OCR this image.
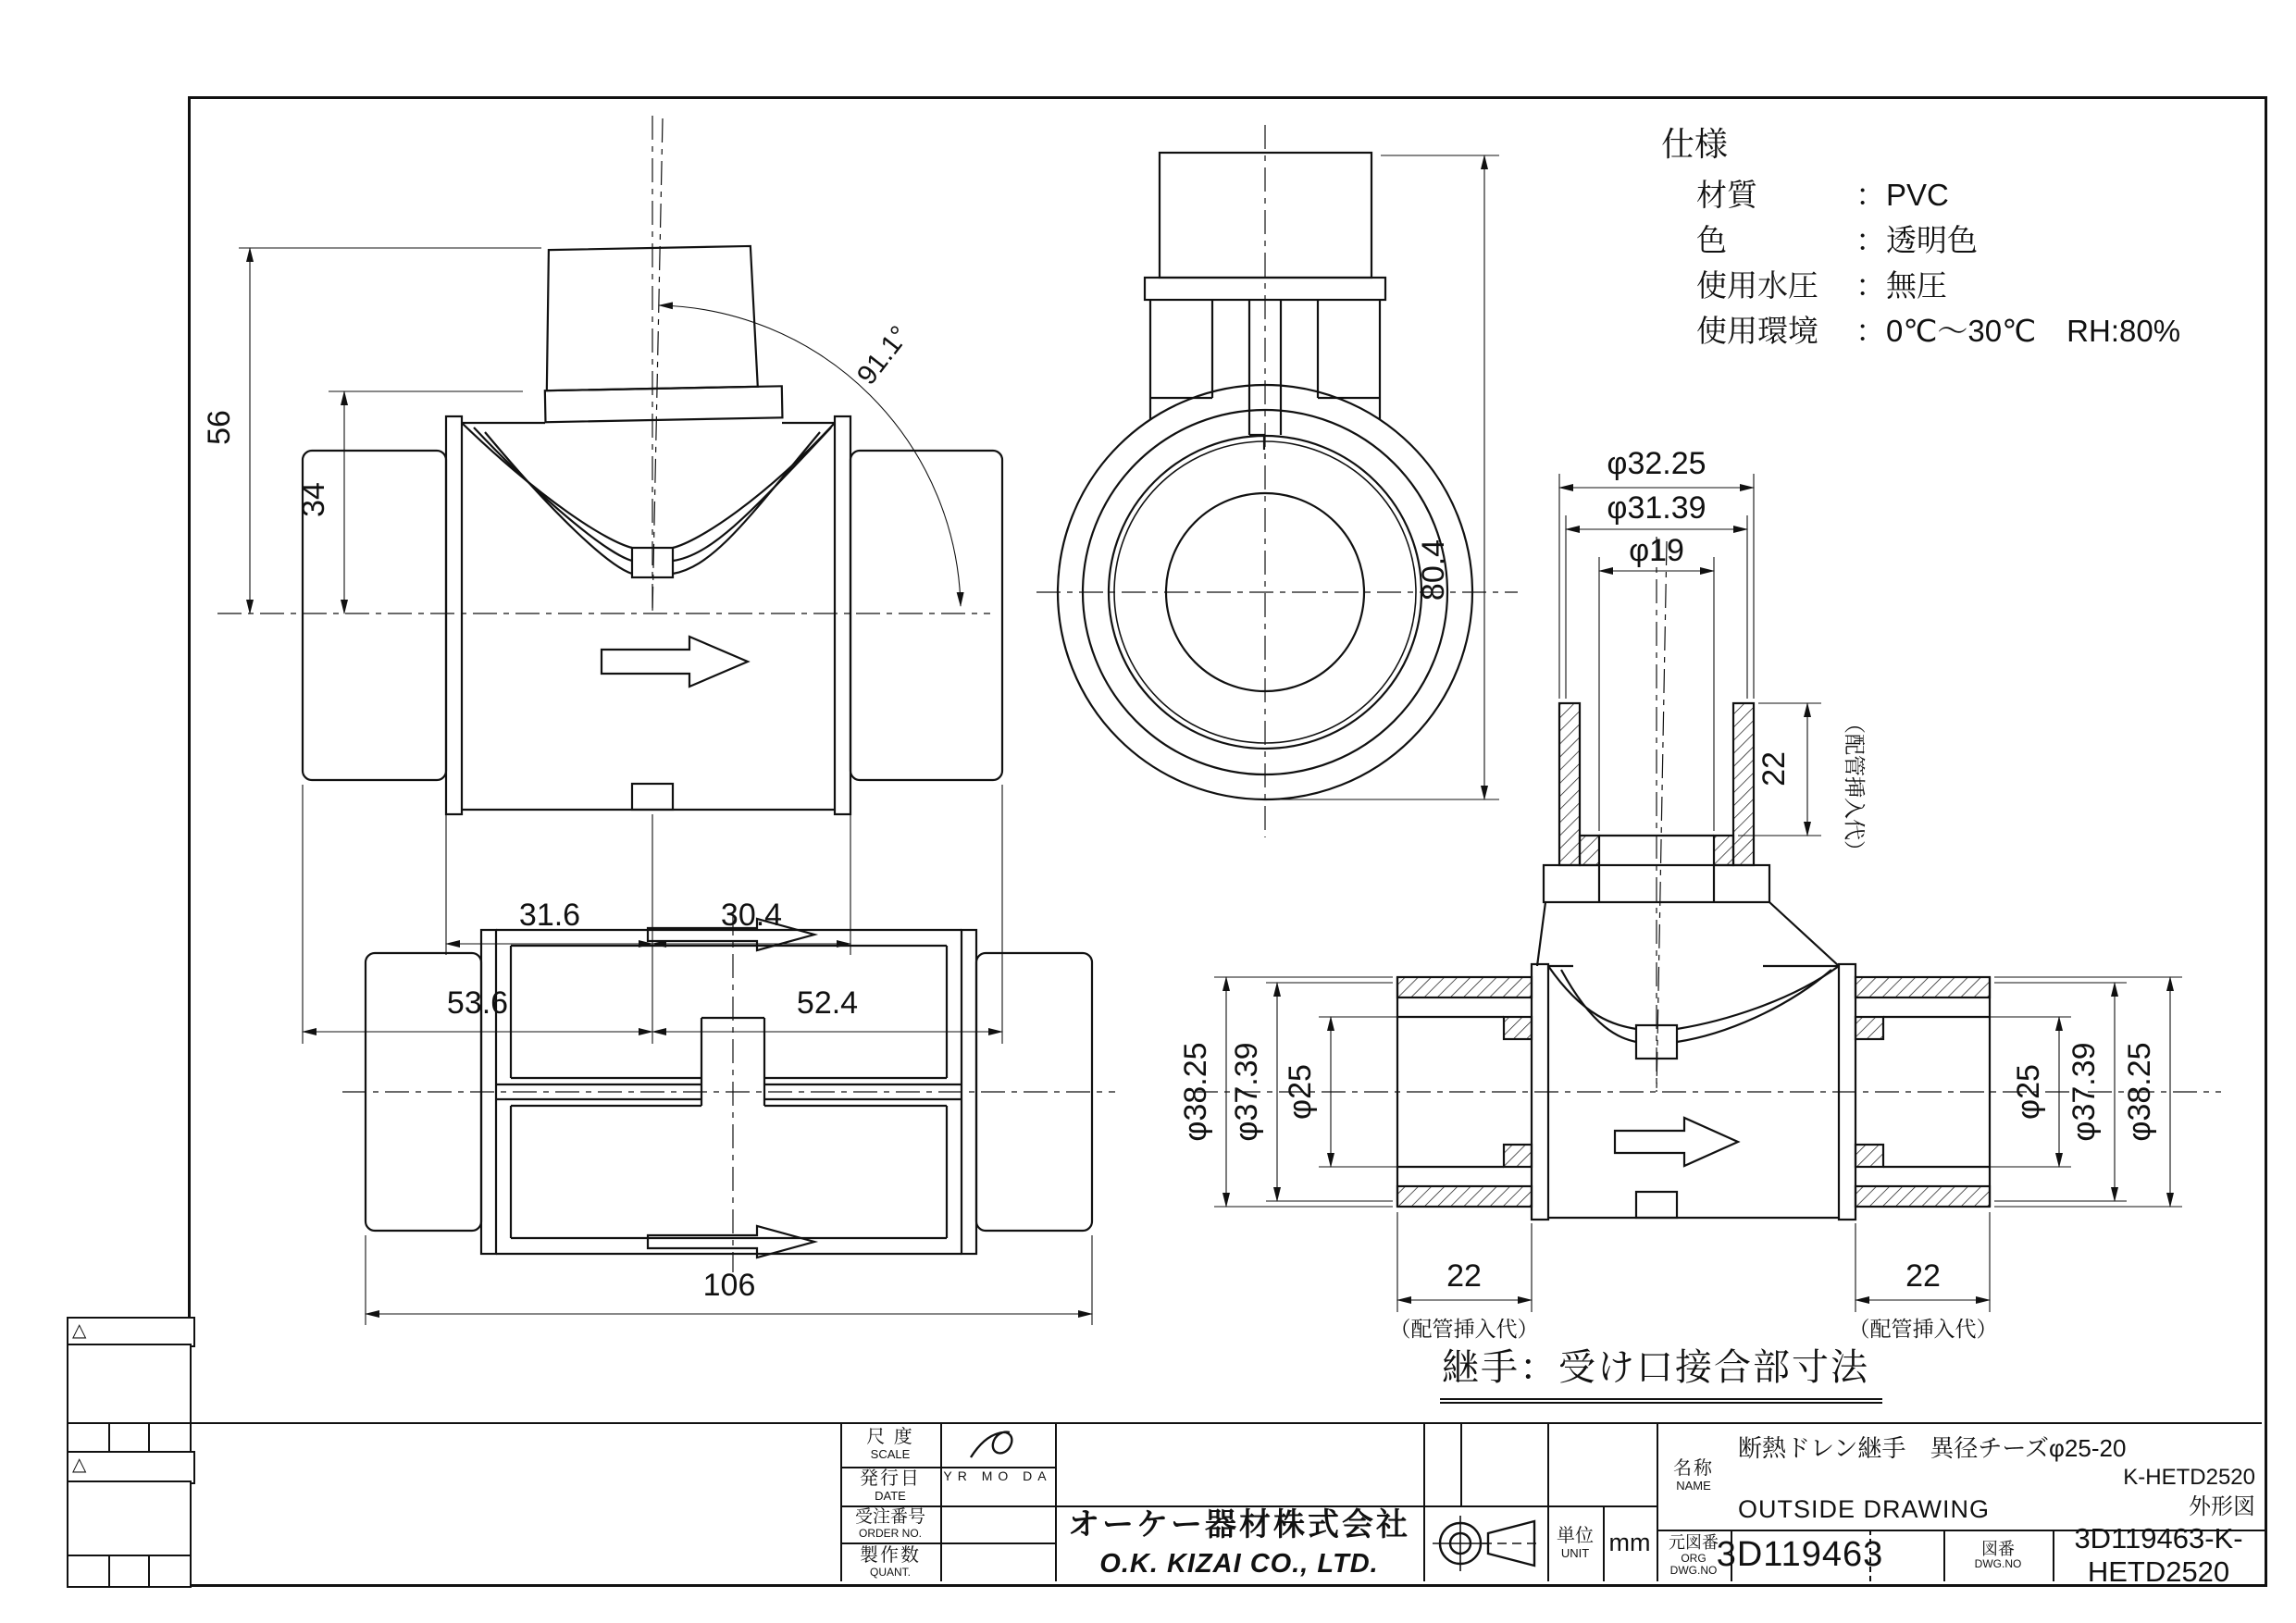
56
34
31.6	30.4
53.6	52.4
91.1°
80.4
106
φ32.25
φ31.39
φ19
22 （配管挿入代）
φ38.25 φ37.39 φ25	φ25 φ37.39 φ38.25
22
（配管挿入代）
22
（配管挿入代）
仕様
材質	：PVC
色	：透明色
使用水圧	：無圧
使用環境	：0℃～30℃　RH:80%
継手：受け口接合部寸法
△
△
尺 度
SCALE
発行日
DATE
YR MO DA
受注番号
ORDER NO.
製作数
QUANT.
オーケー器材株式会社
O.K. KIZAI CO., LTD.
単位
UNIT mm
名称
NAME
断熱ドレン継手　異径チーズφ25-20
OUTSIDE DRAWING
K-HETD2520
外形図
元図番
ORG DWG.NO 3D119463	図番
DWG.NO
3D119463-K-HETD2520
